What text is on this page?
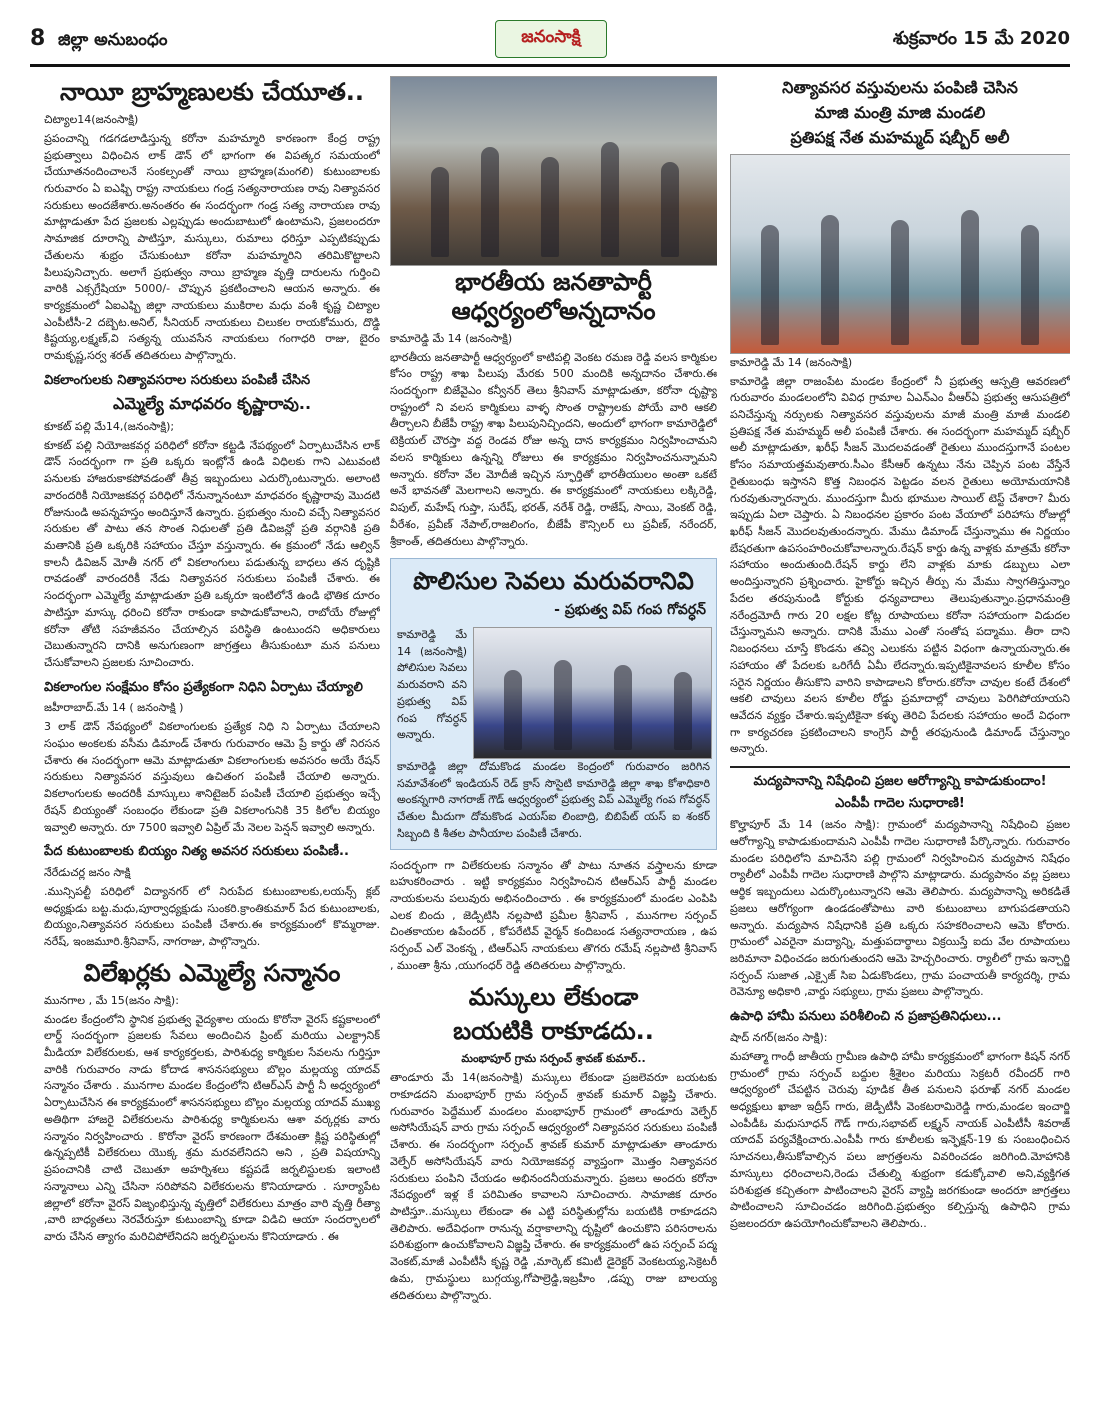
8 జిల్లా అనుబంధం	జనంసాక్షి	శుక్రవారం 15 మే 2020
నాయీ బ్రాహ్మణులకు చేయూత..
చిట్యాల14(జనంసాక్షి)

ప్రపంచాన్ని గడగడలాడిస్తున్న కరోనా మహమ్మారి కారణంగా కేంద్ర రాష్ట్ర ప్రభుత్వాలు విధించిన లాక్ డౌన్ లో భాగంగా ఈ విపత్కర సమయంలో చేయూతనందించాలనే సంకల్పంతో నాయి బ్రాహ్మణ(మంగలి) కుటుంబాలకు గురువారం ఏ ఐఎఫ్బి రాష్ట్ర నాయకులు గండ్ర సత్యనారాయణ రావు నిత్యావసర సరుకులు అందజేశారు.అనంతరం ఈ సందర్భంగా గండ్ర సత్య నారాయణ రావు మాట్లాడుతూ పేద ప్రజలకు ఎల్లప్పుడు అందుబాటులో ఉంటామని, ప్రజలందరూ సామాజిక దూరాన్ని పాటిస్తూ, మస్కులు, రుమాలు ధరిస్తూ ఎప్పటికప్పుడు చేతులను శుభ్రం చేసుకుంటూ కరోనా మహమ్మారిని తరిమికొట్టాలని పిలుపునిచ్చారు. అలాగే ప్రభుత్వం నాయి బ్రాహ్మణ వృత్తి దారులను గుర్తించి వారికి ఎక్సగ్రేషియా 5000/- చొప్పున ప్రకటించాలని ఆయన అన్నారు. ఈ కార్యక్రమంలో ఏఐఎఫ్బి జిల్లా నాయకులు ముకిరాల మధు వంశీ కృష్ణ చిట్యాల ఎంపీటీసీ-2 దబ్బెట.అనిల్, సీనియర్ నాయకులు చిలుకల రాయకోమురు, దొడ్డి కిష్టయ్య,లక్ష్మణ్,వి సత్యన్న యువసేన నాయకులు గంగాధరి రాజు, బైరం రామకృష్ణ,సర్వ శరత్ తదితరులు పాల్గొన్నారు.

వికలాంగులకు నిత్యావసరాల సరుకులు పంపిణీ చేసిన
ఎమ్మెల్యే మాధవరం కృష్ణారావు..
కూకట్ పల్లి మే14,(జనంసాక్షి);

కూకట్ పల్లి నియోజకవర్గ పరిధిలో కరోనా కట్టడి నేపథ్యంలో ఏర్పాటుచేసిన లాక్ డౌన్ సందర్భంగా గా ప్రతి ఒక్కరు ఇంట్లోనే ఉండి విధిలకు గాని ఎటువంటి పనులకు హాజరుకాకపోవడంతో తీవ్ర ఇబ్బందులు ఎదుర్కొంటున్నారు. అలాంటి వారందరికీ నియోజకవర్గ పరిధిలో నేనున్నానంటూ మాధవరం కృష్ణారావు మొదటి రోజునుండి అపన్నహస్తం అందిస్తూనే ఉన్నారు. ప్రభుత్వం నుంచి వచ్చే నిత్యావసర సరుకుల తో పాటు తన సొంత నిధులతో ప్రతి డివిజన్లో ప్రతి వర్గానికి ప్రతి మతానికి ప్రతి ఒక్కరికి సహాయం చేస్తూ వస్తున్నారు. ఈ క్రమంలో నేడు ఆల్విన్ కాలనీ డివిజన్ మోతీ నగర్ లో వికలాంగులు పడుతున్న బాధలు తన దృష్టికి రావడంతో వారందరికీ నేడు నిత్యావసర సరుకులు పంపిణీ చేశారు. ఈ సందర్భంగా ఎమ్మెల్యే మాట్లాడుతూ ప్రతి ఒక్కరూ ఇంటిలోనే ఉండి భౌతిక దూరం పాటిస్తూ మాస్కు ధరించి కరోనా రాకుండా కాపాడుకోవాలని, రాబోయే రోజుల్లో కరోనా తోటి సహజీవనం చేయాల్సిన పరిస్థితి ఉంటుందని అధికారులు చెబుతున్నారని దానికి అనుగుణంగా జాగ్రత్తలు తీసుకుంటూ మన పనులు చేసుకోవాలని ప్రజలకు సూచించారు.

వికలాంగుల సంక్షేమం కోసం ప్రత్యేకంగా నిధిని ఏర్పాటు చేయ్యాలి
జహీరాబాద్.మే 14 ( జనంసాక్షి )

3 లాక్ డౌన్ నేపథ్యంలో వికలాంగులకు ప్రత్యేక నిధి ని ఏర్పాటు చేయాలని సంఘం అంకలకు వసీమ డిమాండ్ చేశారు గురువారం ఆమె ప్రే కార్డు తో నిరసన చేశారు ఈ సందర్భంగా ఆమె మాట్లాడుతూ వికలాంగులకు అవసరం అయే రేషన్ సరుకులు నిత్యావసర వస్తువులు ఉచితంగ పంపిణీ చేయాలి అన్నారు. వికలాంగులకు అందరికీ మాస్కులు శానిటైజర్ పంపిణీ చేయాలి ప్రభుత్వం ఇచ్చే రేషన్ బియ్యంతో సంబంధం లేకుండా ప్రతి వికలాంగునికి 35 కిలోల బియ్యం ఇవ్వాలి అన్నారు. రూ 7500 ఇవ్వాలి ఏప్రిల్ మే నెలల పెన్షన్ ఇవ్వాలి అన్నారు.

పేద కుటుంబాలకు బియ్యం నిత్య అవసర సరుకులు పంపిణీ..
నేరేడుచర్ల జనం సాక్షి

.మున్సిపల్టీ పరిధిలో విద్యానగర్ లో నిరుపేద కుటుంబాలకు,లయన్స్ క్లబ్ అధ్యక్షుడు బట్ట.మధు,పూర్వాధ్యక్షుడు సుంకరి.క్రాంతికుమార్ పేద కుటుంబాలకు, బియ్యం,నిత్యావసర సరుకులు పంపిణీ చేశారు.ఈ కార్యక్రమంలో కొమ్మరాజు. నరేష్, ఇంజమూరి.శ్రీనివాస్, నాగరాజు, పాల్గొన్నారు.

విలేఖర్లకు ఎమ్మెల్యే సన్మానం
మునగాల , మే 15(జనం సాక్షి):

మండల కేంద్రంలోని స్థానిక ప్రభుత్వ వైద్యశాల యందు కొరోనా వైరస్ కష్టకాలంలో లార్డ్ సందర్భంగా ప్రజలకు సేవలు అందించిన ప్రింట్ మరియు ఎలక్ట్రానిక్ మీడియా విలేకరులకు, ఆశ కార్యకర్తలకు, పారిశుధ్య కార్మికుల సేవలను గుర్తిస్తూ వారికి గురువారం నాడు కోదాడ శాసనసభ్యులు బొల్లం మల్లయ్య యాదవ్ సన్మానం చేశారు . మునగాల మండల కేంద్రంలోని టిఆర్ఎస్ పార్టీ నీ అధ్వర్యంలో ఏర్పాటుచేసిన ఈ కార్యక్రమంలో శాసనసభ్యులు బొల్లం మల్లయ్య యాదవ్ ముఖ్య అతిథిగా హాజరై విలేకరులను పారిశుధ్య కార్మికులను ఆశా వర్కర్లకు వారు సన్మానం నిర్వహించారు . కొరోనా వైరస్ కారణంగా దేశమంతా క్లిష్ట పరిస్థితుల్లో ఉన్నప్పటికీ విలేకరులు యొక్క శ్రమ మరవలేనిదని అని , ప్రతి విషయాన్ని ప్రపంచానికి చాటి చెబుతూ అహర్నిశలు కష్టపడే జర్నలిస్టులకు ఇలాంటి సన్మానాలు ఎన్ని చేసినా సరిపోవని విలేకరులను కొనియాడారు . సూర్యాపేట జిల్లాలో కరోనా వైరస్ విజృంభిస్తున్న వృత్తిలో విలేకరులు మాత్రం వారి వృత్తి రీత్యా ,వారి బాధ్యతలు నెరవేరుస్తూ కుటుంబాన్ని కూడా విడిచి ఆయా సందర్భాలలో వారు చేసిన త్యాగం మరిచిపోలేనిదని జర్నలిస్టులను కొనియాడారు . ఈ

భారతీయ జనతాపార్టీ ఆధ్వర్యంలోఅన్నదానం
కామారెడ్డి మే 14 (జనంసాక్షి)

భారతీయ జనతాపార్టీ ఆధ్వర్యంలో కాటిపల్లి వెంకట రమణ రెడ్డి వలస కార్మికుల కోసం రాష్ట్ర శాఖ పిలుపు మేరకు 500 మందికి అన్నదానం చేశారు.ఈ సందర్భంగా బిజేవైఎం కన్వీనర్ తెలు శ్రీనివాస్ మాట్లాడుతూ, కరోనా దృష్ట్యా రాష్ట్రంలో ని వలస కార్మికులు వాళ్ళ సొంత రాష్ట్రాలకు పోయే వారి ఆకలి తీర్చాలని బీజేపీ రాష్ట్ర శాఖ పిలుపునిచ్చిందని, అందులో భాగంగా కామారెడ్డిలో టెక్రియల్ చౌరస్తా వద్ద రెండవ రోజు అన్న దాన కార్యక్రమం నిర్వహించామని వలస కార్మికులు ఉన్నన్ని రోజులు ఈ కార్యక్రమం నిర్వహించనున్నామని అన్నారు. కరోనా వేల మోదీజీ ఇచ్చిన స్ఫూర్తితో భారతీయులం అంతా ఒకటే అనే భావనతో మెలగాలని అన్నారు. ఈ కార్యక్రమంలో నాయకులు లక్కిరెడ్డి, విపుల్, మహేష్ గుప్తా, సురేష్, భరత్, నరేశ్ రెడ్డి, రాజేష్, సాయి, వెంకట్ రెడ్డి, వీరేశం, ప్రవీణ్ నేపాల్,రాజలింగం, బీజేపీ కౌన్సిలర్ లు ప్రవీణ్, నరేందర్, శ్రీకాంత్, తదితరులు పాల్గొన్నారు.

పొలిసుల సెవలు మరువరానివి
- ప్రభుత్వ విప్ గంప గోవర్ధన్

కామారెడ్డి మే 14 (జనంసాక్షి) పోలిసుల సెవలు మరువరాని వని ప్రభుత్వ విప్ గంప గోవర్ధన్ అన్నారు.

కామారెడ్డి జిల్లా దోమకొండ మండల కెంద్రంలో గురువారం జరిగిన సమావేశంలో ఇండియన్ రెడ్ క్రాస్ సొసైటి కామారెడ్డి జిల్లా శాఖ కోశాధికారి అంకన్నగారి నాగరాజ్ గౌడ్ ఆధ్వర్యంలో ప్రభుత్వ విప్ ఎమ్మెల్యే గంప గోవర్ధన్ చేతుల మీదుగా దోమకొండ ఎయస్ఐ లింబాద్రి, బిబిపేట్ యస్ ఐ శంకర్ సిబ్బంది కి శీతల పానీయాల పంపిణీ చేశారు.

సందర్భంగా గా విలేకరులకు సన్మానం తో పాటు నూతన వస్త్రాలను కూడా బహుకరించారు . ఇట్టి కార్యక్రమం నిర్వహించిన టిఆర్ఎస్ పార్టీ మండల నాయకులను పలువురు అభినందించారు . ఈ కార్యక్రమంలో మండల ఎంపిపి ఎలక బిందు , జెడ్పిటిసి నల్లపాటి ప్రమీల శ్రీనివాస్ , మునగాల సర్పంచ్ చింతకాయల ఉపేందర్ , కోపరేటివ్ వైర్మన్ కందిబండ సత్యనారాయణ , ఉప సర్పంచ్ ఎల్ వెంకన్న , టిఆర్ఎస్ నాయకులు తొగరు రమేష్ నల్లపాటి శ్రీనివాస్ , ముంతా శ్రీను ,యుగంధర్ రెడ్డి తదితరులు పాల్గొన్నారు.

మస్కులు లేకుండా
బయటికి రాకూడదు..
మంభాపూర్ గ్రామ సర్పంచ్ శ్రావణ్ కుమార్..

తాండూరు మే 14(జనంసాక్షి) మస్కులు లేకుండా ప్రజలెవరూ బయటకు రాకూడదని మంభాపూర్ గ్రామ సర్పంచ్ శ్రావణ్ కుమార్ విజ్ఞప్తి చేశారు. గురువారం పెద్దేముల్ మండలం మంభాపూర్ గ్రామంలో తాండూరు వెల్ఫేర్ అసోసియేషన్ వారు గ్రామ సర్పంచ్ ఆధ్వర్యంలో నిత్యావసర సరుకులు పంపిణీ చేశారు. ఈ సందర్భంగా సర్పంచ్ శ్రావణ్ కుమార్ మాట్లాడుతూ తాండూరు వెల్ఫేర్ అసోసియేషన్ వారు నియోజకవర్గ వ్యాప్తంగా మొత్తం నిత్యావసర సరుకులు పంపిని చేయడం అభినందనీయమన్నారు. ప్రజలు అందరు కరోనా నేపధ్యంలో ఇళ్ల కే పరిమితం కావాలని సూచించారు. సామాజిక దూరం పాటిస్తూ..మస్కులు లేకుండా ఈ ఎట్టి పరిస్థితుల్లోను బయటికి రాకూడదని తెలిపారు. అదేవిధంగా రానున్న వర్షాకాలాన్ని దృష్టిలో ఉంచుకొని పరిసరాలను పరిశుభ్రంగా ఉంచుకోవాలని విజ్ఞప్తి చేశారు. ఈ కార్యక్రమంలో ఉప సర్పంచ్ పద్మ వెంకట్,మాజీ ఎంపీటీసీ కృష్ణ రెడ్డి ,మార్కెట్ కమిటీ డైరెక్టర్ వెంకటయ్య,సెక్రెటరీ ఉమ, గ్రామస్థులు బుగ్గయ్య,గోపాల్రెడ్డి,ఇబ్రహీం ,డప్పు రాజు బాలయ్య తదితరులు పాల్గొన్నారు.

నిత్యావసర వస్తువులను పంపిణి చెసిన
మాజి మంత్రి మాజి మండలి
ప్రతిపక్ష నేత మహమ్మద్ షబ్బీర్ అలీ
కామారెడ్డి మే 14 (జనంసాక్షి)

కామారెడ్డి జిల్లా రాజంపేట మండల కేంద్రంలో నీ ప్రభుత్వ ఆస్పత్రి ఆవరణలో గురువారం మండలంలోని వివిధ గ్రామాల ఏఎన్ఎం వీఆర్ఏ ప్రభుత్వ ఆసుపత్రిలో పనిచేస్తున్న నర్సులకు నిత్యావసర వస్తువులను మాజీ మంత్రి మాజీ మండలి ప్రతిపక్ష నేత మహమ్మద్ అలీ పంపిణీ చేశారు. ఈ సందర్భంగా మహమ్మద్ షబ్బీర్ అలీ మాట్లాడుతూ, ఖరీఫ్ సీజన్ మొదలవడంతో రైతులు ముందస్తుగానే పంటల కోసం సమాయత్తమవుతారు.సీఎం కేసీఆర్ ఉన్నటు నేను చెప్పిన పంట వేస్తేనే రైతుబంధు ఇస్తానని కొత్త నిబంధన పెట్టడం వలన రైతులు అయోమయానికి గురవుతున్నారన్నారు. ముందస్తుగా మీరు భూముల సాయిల్ టెస్ట్ చేశారా? మీరు ఇప్పుడు ఏలా చెప్తారు. ఏ నిబంధనల ప్రకారం పంట వేయాలో పరిహాసు రోజుల్లో ఖరీఫ్ సీజన్ మొదలవుతుందన్నారు. మేము డిమాండ్ చేస్తున్నాము ఈ నిర్ణయం బేషరతుగా ఉపసంహరించుకోవాలన్నారు.రేషన్ కార్డు ఉన్న వాళ్లకు మాత్రమే కరోనా సహాయం అందుతుంది.రేషన్ కార్డు లేని వాళ్లకు మాకు డబ్బులు ఎలా అందిస్తున్నారని ప్రశ్నించారు. హైకోర్టు ఇచ్చిన తీర్పు ను మేము స్వాగతిస్తున్నాం పేదల తరపునుండి కోర్టుకు ధన్యవాదాలు తెలుపుతున్నాం.ప్రధానమంత్రి నరేంద్రమోదీ గారు 20 లక్షల కోట్ల రూపాయలు కరోనా సహాయంగా విడుదల చేస్తున్నామని అన్నారు. దానికి మేము ఎంతో సంతోష పద్మాము. తీరా దాని నిబంధనలు చూస్తే కొండను తవ్వి ఎలుకను పట్టిన విధంగా ఉన్నాయన్నారు.ఈ సహాయం తో పేదలకు ఒరిగేదీ ఏమీ లేదన్నారు.ఇప్పటికైనావలస కూలీల కోసం సరైన నిర్ణయం తీసుకొని వారిని కాపాడాలని కోరారు.కరోనా చావుల కంటే దేశంలో ఆకలి చావులు వలస కూలీల రోడ్డు ప్రమాదాల్లో చావులు పెరిగిపోయాయని ఆవేదన వ్యక్తం చేశారు.ఇప్పటికైనా కళ్ళు తెరిచి పేదలకు సహాయం అందే విధంగా గా కార్యచరణ ప్రకటించాలని కాంగ్రెస్ పార్టీ తరఫునుండి డిమాండ్ చేస్తున్నాం అన్నారు.

మద్యపానాన్ని నిషేధించి ప్రజల ఆరోగ్యాన్ని కాపాడుకుందాం!
ఎంపీపీ గాదెల సుధారాణి!

కొల్హాపూర్ మే 14 (జనం సాక్షి): గ్రామంలో మద్యపానాన్ని నిషేధించి ప్రజల ఆరోగ్యాన్ని కాపాడుకుందామని ఎంపీపీ గాదెల సుధారాణి పేర్కొన్నారు. గురువారం మండల పరిధిలోని మాచినేని పల్లి గ్రామంలో నిర్వహించిన మద్యపాన నిషేధం ర్యాలీలో ఎంపీపీ గాదెల సుధారాణి పాల్గొని మాట్లాడారు. మద్యపానం వల్ల ప్రజలు ఆర్థిక ఇబ్బందులు ఎదుర్కొంటున్నారని ఆమె తెలిపారు. మద్యపానాన్ని అరికడితే ప్రజలు ఆరోగ్యంగా ఉండడంతోపాటు వారి కుటుంబాలు బాగుపడతాయని అన్నారు. మద్యపాన నిషేధానికి ప్రతి ఒక్కరు సహకరించాలని ఆమె కోరారు. గ్రామంలో ఎవరైనా మద్యాన్ని, మత్తుపదార్థాలు విక్రయిస్తే ఐదు వేల రూపాయలు జరిమానా విధించడం జరుగుతుందని ఆమె హెచ్చరించారు. ర్యాలీలో గ్రామ ఇన్చార్జి సర్పంచ్ సుజాత ,ఎక్సైజ్ సిఐ ఏడుకొండలు, గ్రామ పంచాయతీ కార్యదర్శి, గ్రామ రెవెన్యూ అధికారి ,వార్డు సభ్యులు, గ్రామ ప్రజలు పాల్గొన్నారు.

ఉపాధి హామీ పనులు పరిశీలించి న ప్రజాప్రతినిధులు...
షాద్ నగర్(జనం సాక్షి):

మహాత్మా గాంధీ జాతీయ గ్రామీణ ఉపాధి హామీ కార్యక్రమంలో భాగంగా కిషన్ నగర్ గ్రామంలో గ్రామ సర్పంచ్ బద్దుల శ్రీశైలం మరియు సెక్రటరీ రవీందర్ గారి ఆధ్వర్యంలో చేపట్టిన చెరువు పూడిక తీత పనులని ఫరూఖ్ నగర్ మండల అధ్యక్షులు ఖాజా ఇద్రీస్ గారు, జెడ్పీటీసీ వెంకటరామిరెడ్డి గారు,మండల ఇంచార్జి ఎంపీడీఓ మధుసూధన్ గౌడ్ గారు,సభావట్ లక్ష్మన్ నాయక్ ఎంపీటీసీ శివరాజ్ యాదవ్ పర్యవేక్షించారు.ఎంపీపీ గారు కూలీలకు ఇన్ఫెక్షన్-19 కు సంబంధించిన సూచనలు,తీసుకోవాల్సిన పలు జాగ్రత్తలను వివరించడం జరిగింది.మోహానికి మాస్కులు ధరించాలని,రెండు చేతుల్ని శుభ్రంగా కడుక్కోవాలి అని,వ్యక్తిగత పరిశుభ్రత కచ్చితంగా పాటించాలని వైరస్ వ్యాప్తి జరగకుండా అందరూ జాగ్రత్తలు పాటించాలని సూచించడం జరిగింది.ప్రభుత్వం కల్పిస్తున్న ఉపాధిని గ్రామ ప్రజలందరూ ఉపయోగించుకోవాలని తెలిపారు..
